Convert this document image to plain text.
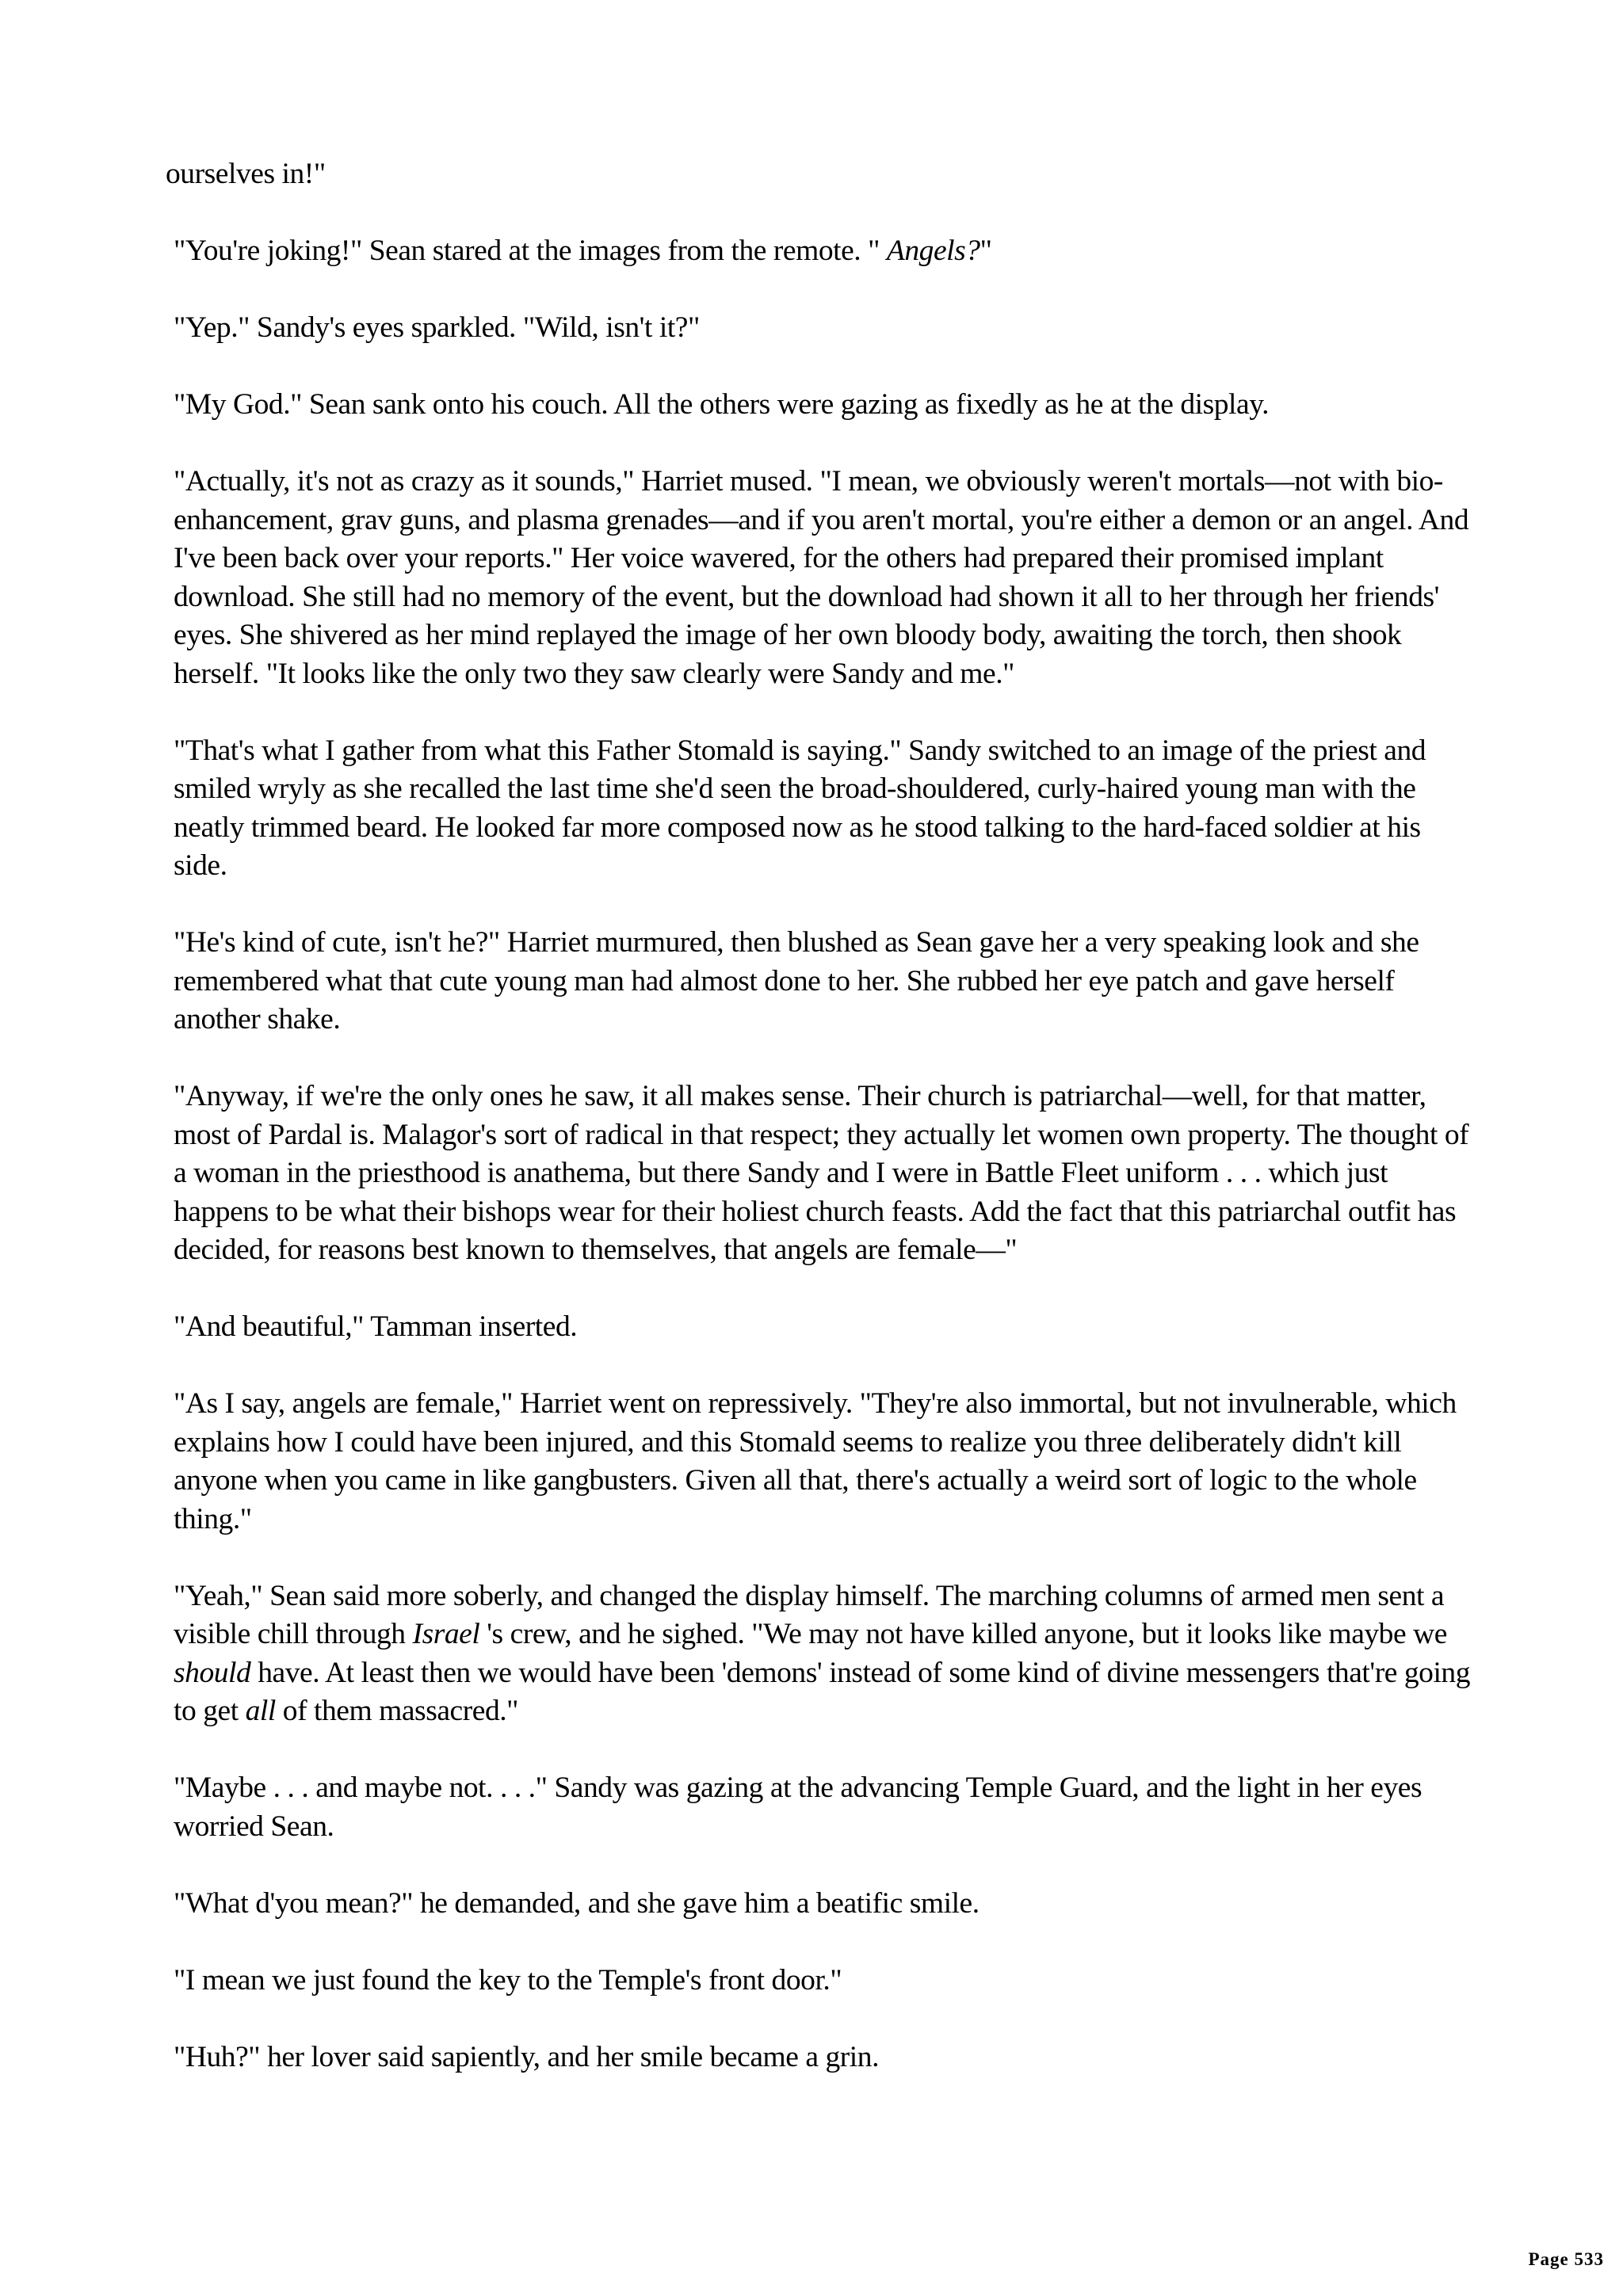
ourselves in!"

"You're joking!" Sean stared at the images from the remote. " Angels?"

"Yep." Sandy's eyes sparkled. "Wild, isn't it?"

"My God." Sean sank onto his couch. All the others were gazing as fixedly as he at the display.

"Actually, it's not as crazy as it sounds," Harriet mused. "I mean, we obviously weren't mortals—not with bio-enhancement, grav guns, and plasma grenades—and if you aren't mortal, you're either a demon or an angel. And I've been back over your reports." Her voice wavered, for the others had prepared their promised implant download. She still had no memory of the event, but the download had shown it all to her through her friends' eyes. She shivered as her mind replayed the image of her own bloody body, awaiting the torch, then shook herself. "It looks like the only two they saw clearly were Sandy and me."

"That's what I gather from what this Father Stomald is saying." Sandy switched to an image of the priest and smiled wryly as she recalled the last time she'd seen the broad-shouldered, curly-haired young man with the neatly trimmed beard. He looked far more composed now as he stood talking to the hard-faced soldier at his side.

"He's kind of cute, isn't he?" Harriet murmured, then blushed as Sean gave her a very speaking look and she remembered what that cute young man had almost done to her. She rubbed her eye patch and gave herself another shake.

"Anyway, if we're the only ones he saw, it all makes sense. Their church is patriarchal—well, for that matter, most of Pardal is. Malagor's sort of radical in that respect; they actually let women own property. The thought of a woman in the priesthood is anathema, but there Sandy and I were in Battle Fleet uniform . . . which just happens to be what their bishops wear for their holiest church feasts. Add the fact that this patriarchal outfit has decided, for reasons best known to themselves, that angels are female—"

"And beautiful," Tamman inserted.

"As I say, angels are female," Harriet went on repressively. "They're also immortal, but not invulnerable, which explains how I could have been injured, and this Stomald seems to realize you three deliberately didn't kill anyone when you came in like gangbusters. Given all that, there's actually a weird sort of logic to the whole thing."

"Yeah," Sean said more soberly, and changed the display himself. The marching columns of armed men sent a visible chill through Israel 's crew, and he sighed. "We may not have killed anyone, but it looks like maybe we should have. At least then we would have been 'demons' instead of some kind of divine messengers that're going to get all of them massacred."

"Maybe . . . and maybe not. . . ." Sandy was gazing at the advancing Temple Guard, and the light in her eyes worried Sean.

"What d'you mean?" he demanded, and she gave him a beatific smile.

"I mean we just found the key to the Temple's front door."

"Huh?" her lover said sapiently, and her smile became a grin.

Page 533
